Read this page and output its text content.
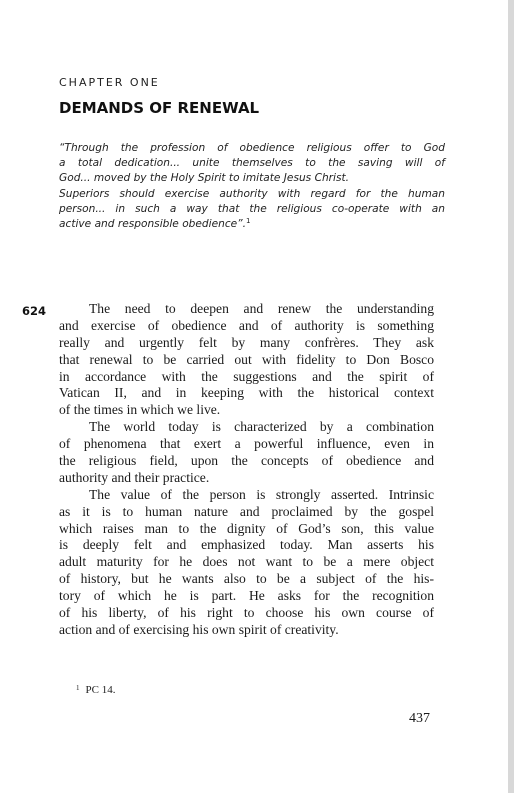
CHAPTER ONE
DEMANDS OF RENEWAL
“Through the profession of obedience religious offer to God
a total dedication... unite themselves to the saving will of
God... moved by the Holy Spirit to imitate Jesus Christ.
Superiors should exercise authority with regard for the human
person... in such a way that the religious co-operate with an
active and responsible obedience”.$^1$
624	The need to deepen and renew the understanding
and exercise of obedience and of authority is something
really and urgently felt by many confrères. They ask
that renewal to be carried out with fidelity to Don Bosco
in accordance with the suggestions and the spirit of
Vatican II, and in keeping with the historical context
of the times in which we live.
The world today is characterized by a combination
of phenomena that exert a powerful influence, even in
the religious field, upon the concepts of obedience and
authority and their practice.
The value of the person is strongly asserted. Intrinsic
as it is to human nature and proclaimed by the gospel
which raises man to the dignity of God’s son, this value
is deeply felt and emphasized today. Man asserts his
adult maturity for he does not want to be a mere object
of history, but he wants also to be a subject of the his-
tory of which he is part. He asks for the recognition
of his liberty, of his right to choose his own course of
action and of exercising his own spirit of creativity.
$^1$ PC 14.
437
